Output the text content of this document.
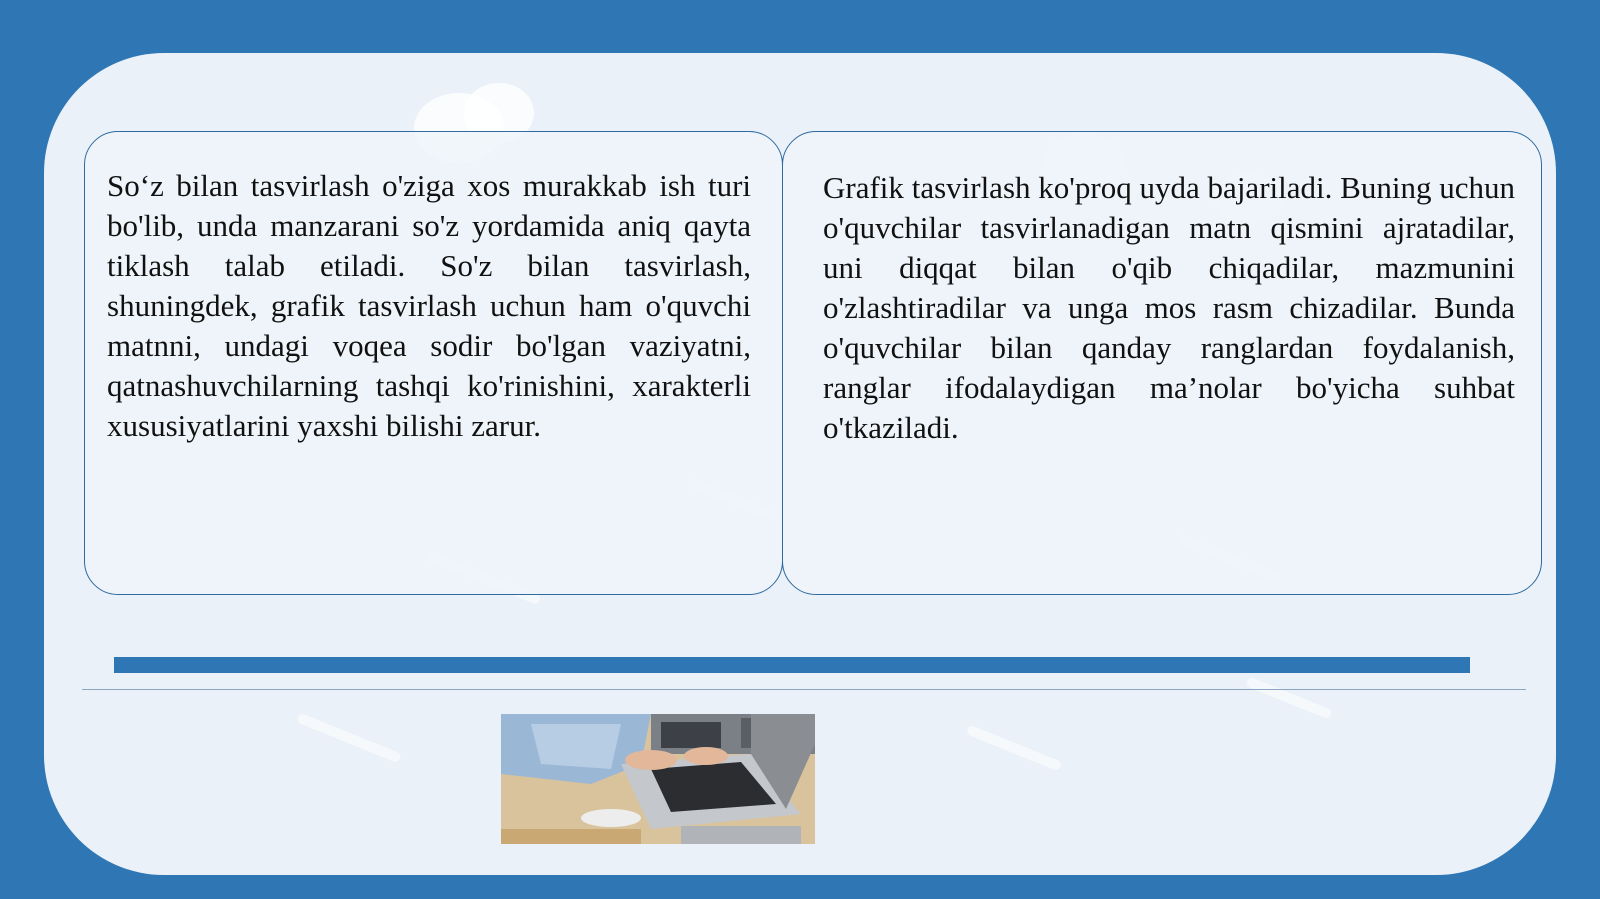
So‘z bilan tasvirlash o'ziga xos murakkab ish turi bo'lib, unda manzarani so'z yordamida aniq qayta tiklash talab etiladi. So'z bilan tasvirlash, shuningdek, grafik tasvirlash uchun ham o'quvchi matnni, undagi voqea sodir bo'lgan vaziyatni, qatnashuvchilarning tashqi ko'rinishini, xarakterli xususiyatlarini yaxshi bilishi zarur.

Grafik tasvirlash ko'proq uyda bajariladi. Buning uchun o'quvchilar tasvirlanadigan matn qismini ajratadilar, uni diqqat bilan o'qib chiqadilar, mazmunini o'zlashtiradilar va unga mos rasm chizadilar. Bunda o'quvchilar bilan qanday ranglardan foydalanish, ranglar ifodalaydigan ma’nolar bo'yicha suhbat o'tkaziladi.
